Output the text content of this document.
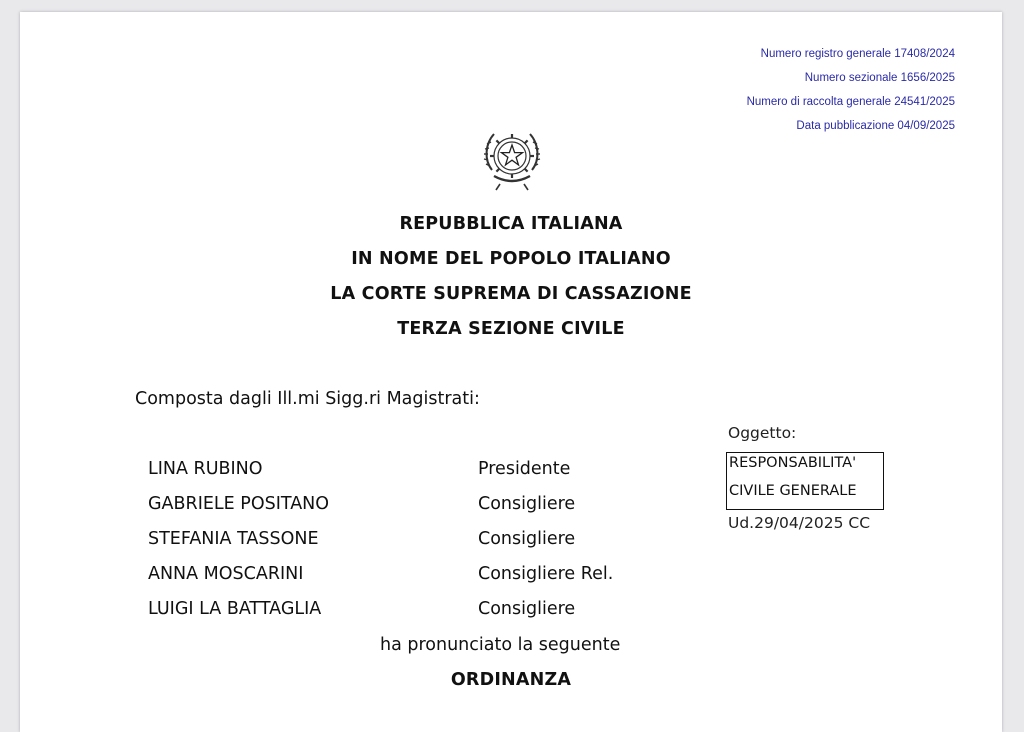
Numero registro generale 17408/2024
Numero sezionale 1656/2025
Numero di raccolta generale 24541/2025
Data pubblicazione 04/09/2025
REPUBBLICA ITALIANA
IN NOME DEL POPOLO ITALIANO
LA CORTE SUPREMA DI CASSAZIONE
TERZA SEZIONE CIVILE
Composta dagli Ill.mi Sigg.ri Magistrati:
LINA RUBINO	Presidente
GABRIELE POSITANO	Consigliere
STEFANIA TASSONE	Consigliere
ANNA MOSCARINI	Consigliere Rel.
LUIGI LA BATTAGLIA	Consigliere
Oggetto:
RESPONSABILITA'
CIVILE GENERALE
Ud.29/04/2025 CC
ha pronunciato la seguente
ORDINANZA
